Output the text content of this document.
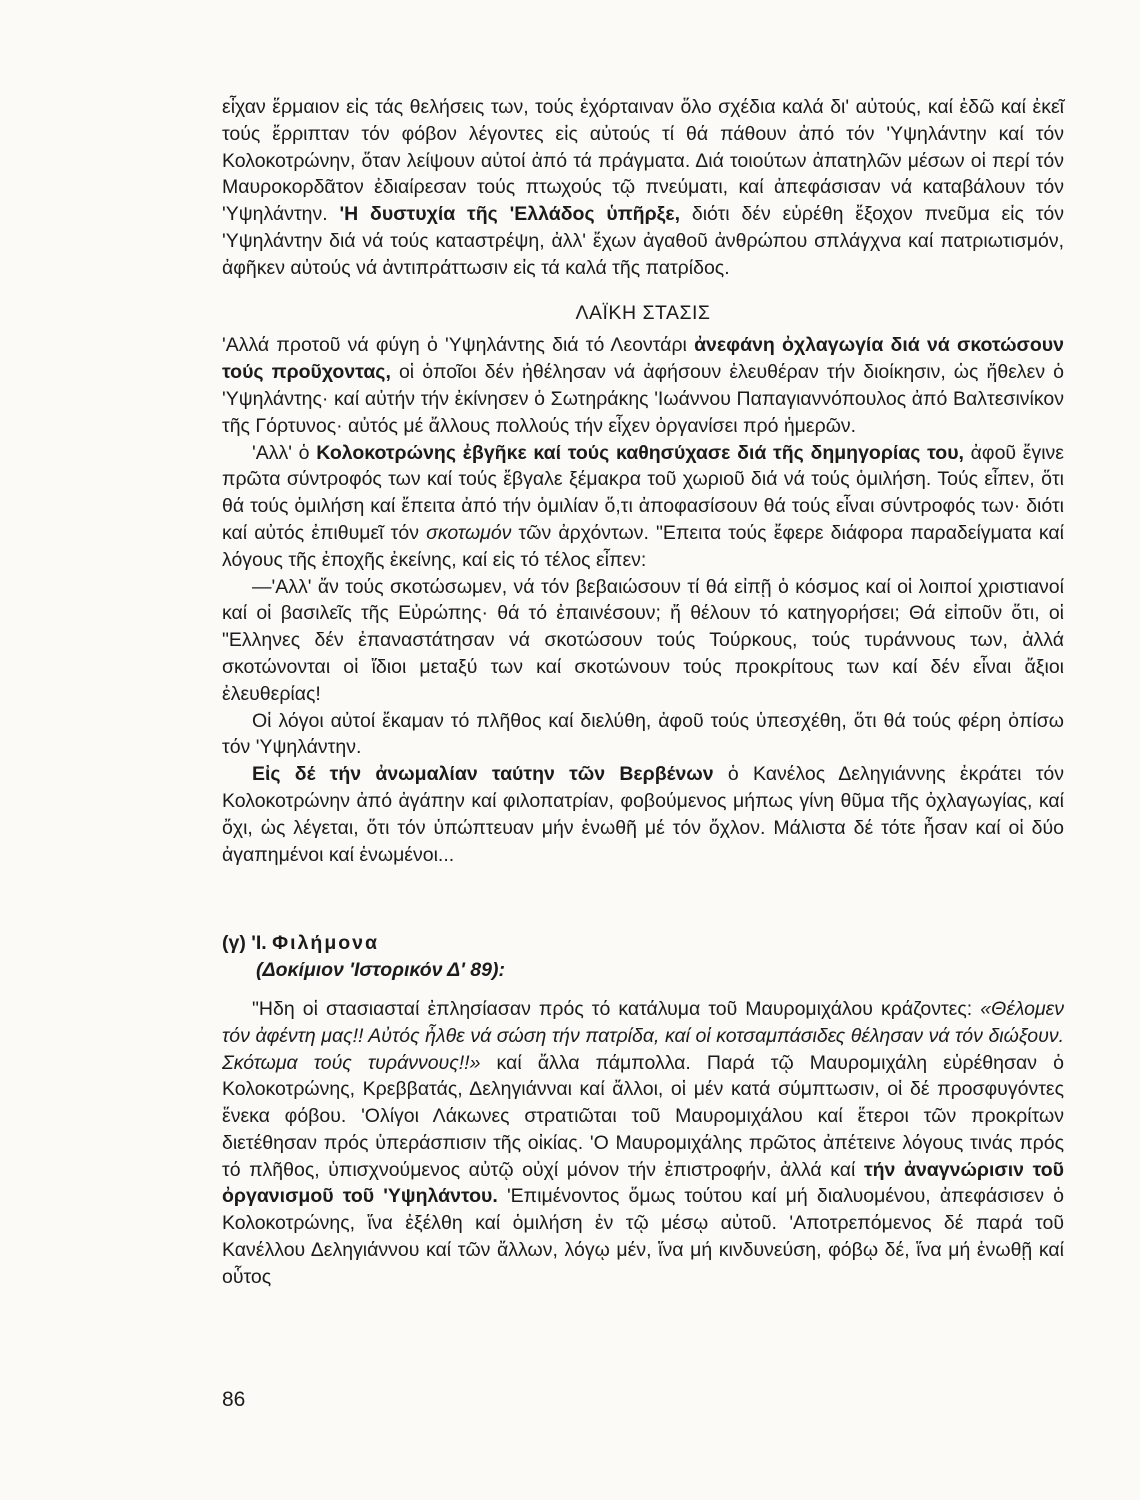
εἶχαν ἕρμαιον εἰς τάς θελήσεις των, τούς ἐχόρταιναν ὅλο σχέδια καλά δι' αὐτούς, καί ἐδῶ καί ἐκεῖ τούς ἔρριπταν τόν φόβον λέγοντες εἰς αὐτούς τί θά πάθουν ἀπό τόν 'Υψηλάντην καί τόν Κολοκοτρώνην, ὅταν λείψουν αὐτοί ἀπό τά πράγματα. Διά τοιούτων ἀπατηλῶν μέσων οἱ περί τόν Μαυροκορδᾶτον ἐδιαίρεσαν τούς πτωχούς τῷ πνεύματι, καί ἀπεφάσισαν νά καταβάλουν τόν 'Υψηλάντην. 'Η δυστυχία τῆς 'Ελλάδος ὑπῆρξε, διότι δέν εὑρέθη ἔξοχον πνεῦμα εἰς τόν 'Υψηλάντην διά νά τούς καταστρέψη, ἀλλ' ἔχων ἀγαθοῦ ἀνθρώπου σπλάγχνα καί πατριωτισμόν, ἀφῆκεν αὐτούς νά ἀντιπράττωσιν εἰς τά καλά τῆς πατρίδος.

ΛΑΪΚΗ ΣΤΑΣΙΣ

'Αλλά προτοῦ νά φύγη ὁ 'Υψηλάντης διά τό Λεοντάρι ἀνεφάνη ὀχλαγωγία διά νά σκοτώσουν τούς προῦχοντας, οἱ ὁποῖοι δέν ἠθέλησαν νά ἀφήσουν ἐλευθέραν τήν διοίκησιν, ὡς ἤθελεν ὁ 'Υψηλάντης· καί αὐτήν τήν ἐκίνησεν ὁ Σωτηράκης 'Ιωάννου Παπαγιαννόπουλος ἀπό Βαλτεσινίκον τῆς Γόρτυνος· αὐτός μέ ἄλλους πολλούς τήν εἶχεν ὀργανίσει πρό ἡμερῶν.

'Αλλ' ὁ Κολοκοτρώνης ἐβγῆκε καί τούς καθησύχασε διά τῆς δημηγορίας του, ἀφοῦ ἔγινε πρῶτα σύντροφός των καί τούς ἔβγαλε ξέμακρα τοῦ χωριοῦ διά νά τούς ὁμιλήση. Τούς εἶπεν, ὅτι θά τούς ὁμιλήση καί ἔπειτα ἀπό τήν ὁμιλίαν ὅ,τι ἀποφασίσουν θά τούς εἶναι σύντροφός των· διότι καί αὐτός ἐπιθυμεῖ τόν σκοτωμόν τῶν ἀρχόντων. "Επειτα τούς ἔφερε διάφορα παραδείγματα καί λόγους τῆς ἐποχῆς ἐκείνης, καί εἰς τό τέλος εἶπεν:

—'Αλλ' ἄν τούς σκοτώσωμεν, νά τόν βεβαιώσουν τί θά εἰπῇ ὁ κόσμος καί οἱ λοιποί χριστιανοί καί οἱ βασιλεῖς τῆς Εὐρώπης· θά τό ἐπαινέσουν; ἤ θέλουν τό κατηγορήσει; Θά εἰποῦν ὅτι, οἱ "Ελληνες δέν ἐπαναστάτησαν νά σκοτώσουν τούς Τούρκους, τούς τυράννους των, ἀλλά σκοτώνονται οἱ ἴδιοι μεταξύ των καί σκοτώνουν τούς προκρίτους των καί δέν εἶναι ἄξιοι ἐλευθερίας!

Οἱ λόγοι αὐτοί ἔκαμαν τό πλῆθος καί διελύθη, ἀφοῦ τούς ὑπεσχέθη, ὅτι θά τούς φέρη ὀπίσω τόν 'Υψηλάντην.

Εἰς δέ τήν ἀνωμαλίαν ταύτην τῶν Βερβένων ὁ Κανέλος Δεληγιάννης ἐκράτει τόν Κολοκοτρώνην ἀπό ἀγάπην καί φιλοπατρίαν, φοβούμενος μήπως γίνη θῦμα τῆς ὀχλαγωγίας, καί ὄχι, ὡς λέγεται, ὅτι τόν ὑπώπτευαν μήν ἑνωθῆ μέ τόν ὄχλον. Μάλιστα δέ τότε ἦσαν καί οἱ δύο ἀγαπημένοι καί ἑνωμένοι...

(γ) 'Ι. Φιλήμονα
(Δοκίμιον 'Ιστορικόν Δ' 89):

"Ηδη οἱ στασιασταί ἐπλησίασαν πρός τό κατάλυμα τοῦ Μαυρομιχάλου κράζοντες: «Θέλομεν τόν ἀφέντη μας!! Αὐτός ἦλθε νά σώση τήν πατρίδα, καί οἱ κοτσαμπάσιδες θέλησαν νά τόν διώξουν. Σκότωμα τούς τυράννους!!» καί ἄλλα πάμπολλα. Παρά τῷ Μαυρομιχάλη εὑρέθησαν ὁ Κολοκοτρώνης, Κρεββατάς, Δεληγιάνναι καί ἄλλοι, οἱ μέν κατά σύμπτωσιν, οἱ δέ προσφυγόντες ἕνεκα φόβου. 'Ολίγοι Λάκωνες στρατιῶται τοῦ Μαυρομιχάλου καί ἕτεροι τῶν προκρίτων διετέθησαν πρός ὑπεράσπισιν τῆς οἰκίας. 'Ο Μαυρομιχάλης πρῶτος ἀπέτεινε λόγους τινάς πρός τό πλῆθος, ὑπισχνούμενος αὐτῷ οὐχί μόνον τήν ἐπιστροφήν, ἀλλά καί τήν ἀναγνώρισιν τοῦ ὀργανισμοῦ τοῦ 'Υψηλάντου. 'Επιμένοντος ὅμως τούτου καί μή διαλυομένου, ἀπεφάσισεν ὁ Κολοκοτρώνης, ἵνα ἐξέλθη καί ὁμιλήση ἐν τῷ μέσῳ αὐτοῦ. 'Αποτρεπόμενος δέ παρά τοῦ Κανέλλου Δεληγιάννου καί τῶν ἄλλων, λόγῳ μέν, ἵνα μή κινδυνεύση, φόβῳ δέ, ἵνα μή ἑνωθῇ καί οὗτος

86
